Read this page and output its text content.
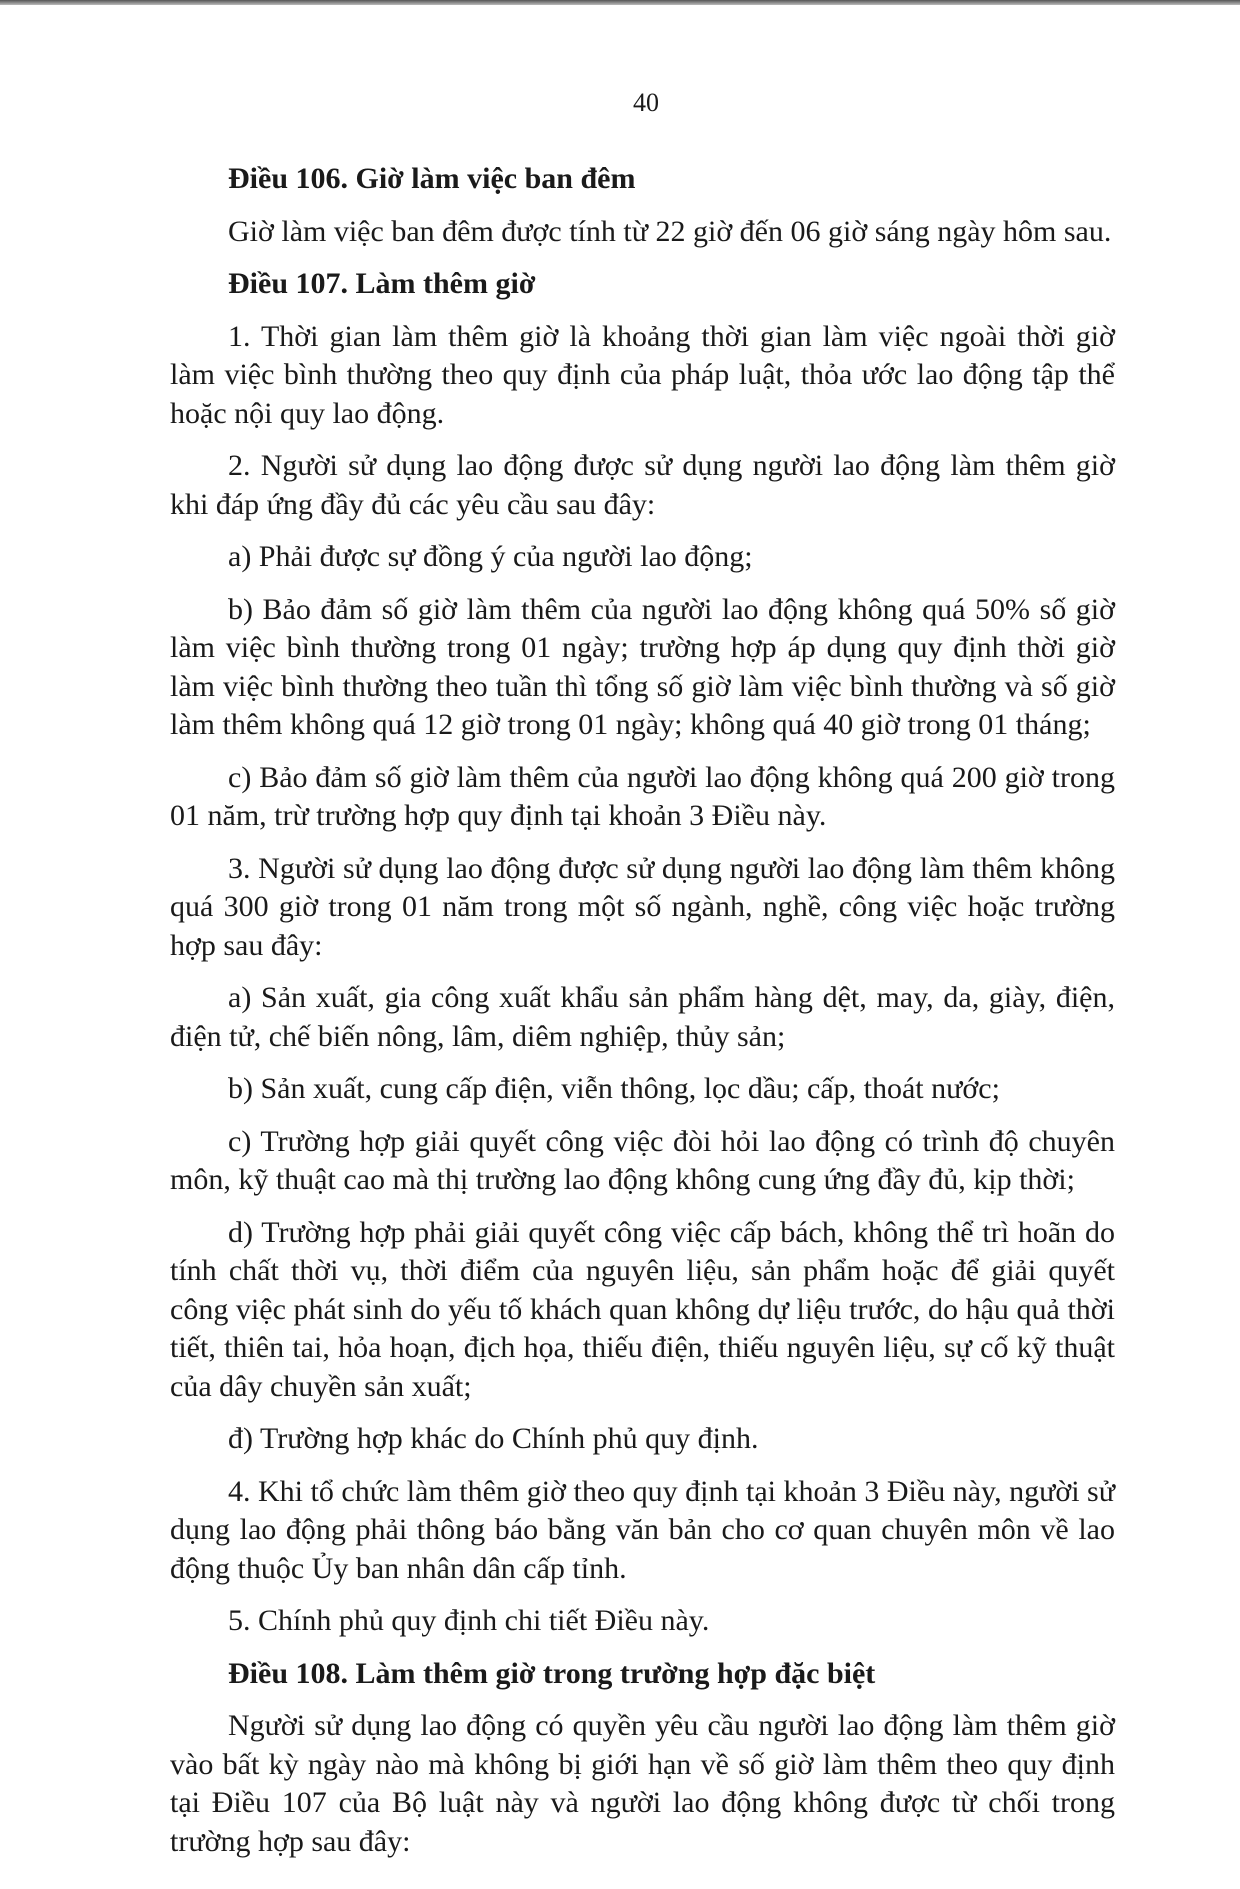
40
Điều 106. Giờ làm việc ban đêm
Giờ làm việc ban đêm được tính từ 22 giờ đến 06 giờ sáng ngày hôm sau.
Điều 107. Làm thêm giờ
1. Thời gian làm thêm giờ là khoảng thời gian làm việc ngoài thời giờ làm việc bình thường theo quy định của pháp luật, thỏa ước lao động tập thể hoặc nội quy lao động.
2. Người sử dụng lao động được sử dụng người lao động làm thêm giờ khi đáp ứng đầy đủ các yêu cầu sau đây:
a) Phải được sự đồng ý của người lao động;
b) Bảo đảm số giờ làm thêm của người lao động không quá 50% số giờ làm việc bình thường trong 01 ngày; trường hợp áp dụng quy định thời giờ làm việc bình thường theo tuần thì tổng số giờ làm việc bình thường và số giờ làm thêm không quá 12 giờ trong 01 ngày; không quá 40 giờ trong 01 tháng;
c) Bảo đảm số giờ làm thêm của người lao động không quá 200 giờ trong 01 năm, trừ trường hợp quy định tại khoản 3 Điều này.
3. Người sử dụng lao động được sử dụng người lao động làm thêm không quá 300 giờ trong 01 năm trong một số ngành, nghề, công việc hoặc trường hợp sau đây:
a) Sản xuất, gia công xuất khẩu sản phẩm hàng dệt, may, da, giày, điện, điện tử, chế biến nông, lâm, diêm nghiệp, thủy sản;
b) Sản xuất, cung cấp điện, viễn thông, lọc dầu; cấp, thoát nước;
c) Trường hợp giải quyết công việc đòi hỏi lao động có trình độ chuyên môn, kỹ thuật cao mà thị trường lao động không cung ứng đầy đủ, kịp thời;
d) Trường hợp phải giải quyết công việc cấp bách, không thể trì hoãn do tính chất thời vụ, thời điểm của nguyên liệu, sản phẩm hoặc để giải quyết công việc phát sinh do yếu tố khách quan không dự liệu trước, do hậu quả thời tiết, thiên tai, hỏa hoạn, địch họa, thiếu điện, thiếu nguyên liệu, sự cố kỹ thuật của dây chuyền sản xuất;
đ) Trường hợp khác do Chính phủ quy định.
4. Khi tổ chức làm thêm giờ theo quy định tại khoản 3 Điều này, người sử dụng lao động phải thông báo bằng văn bản cho cơ quan chuyên môn về lao động thuộc Ủy ban nhân dân cấp tỉnh.
5. Chính phủ quy định chi tiết Điều này.
Điều 108. Làm thêm giờ trong trường hợp đặc biệt
Người sử dụng lao động có quyền yêu cầu người lao động làm thêm giờ vào bất kỳ ngày nào mà không bị giới hạn về số giờ làm thêm theo quy định tại Điều 107 của Bộ luật này và người lao động không được từ chối trong trường hợp sau đây:
